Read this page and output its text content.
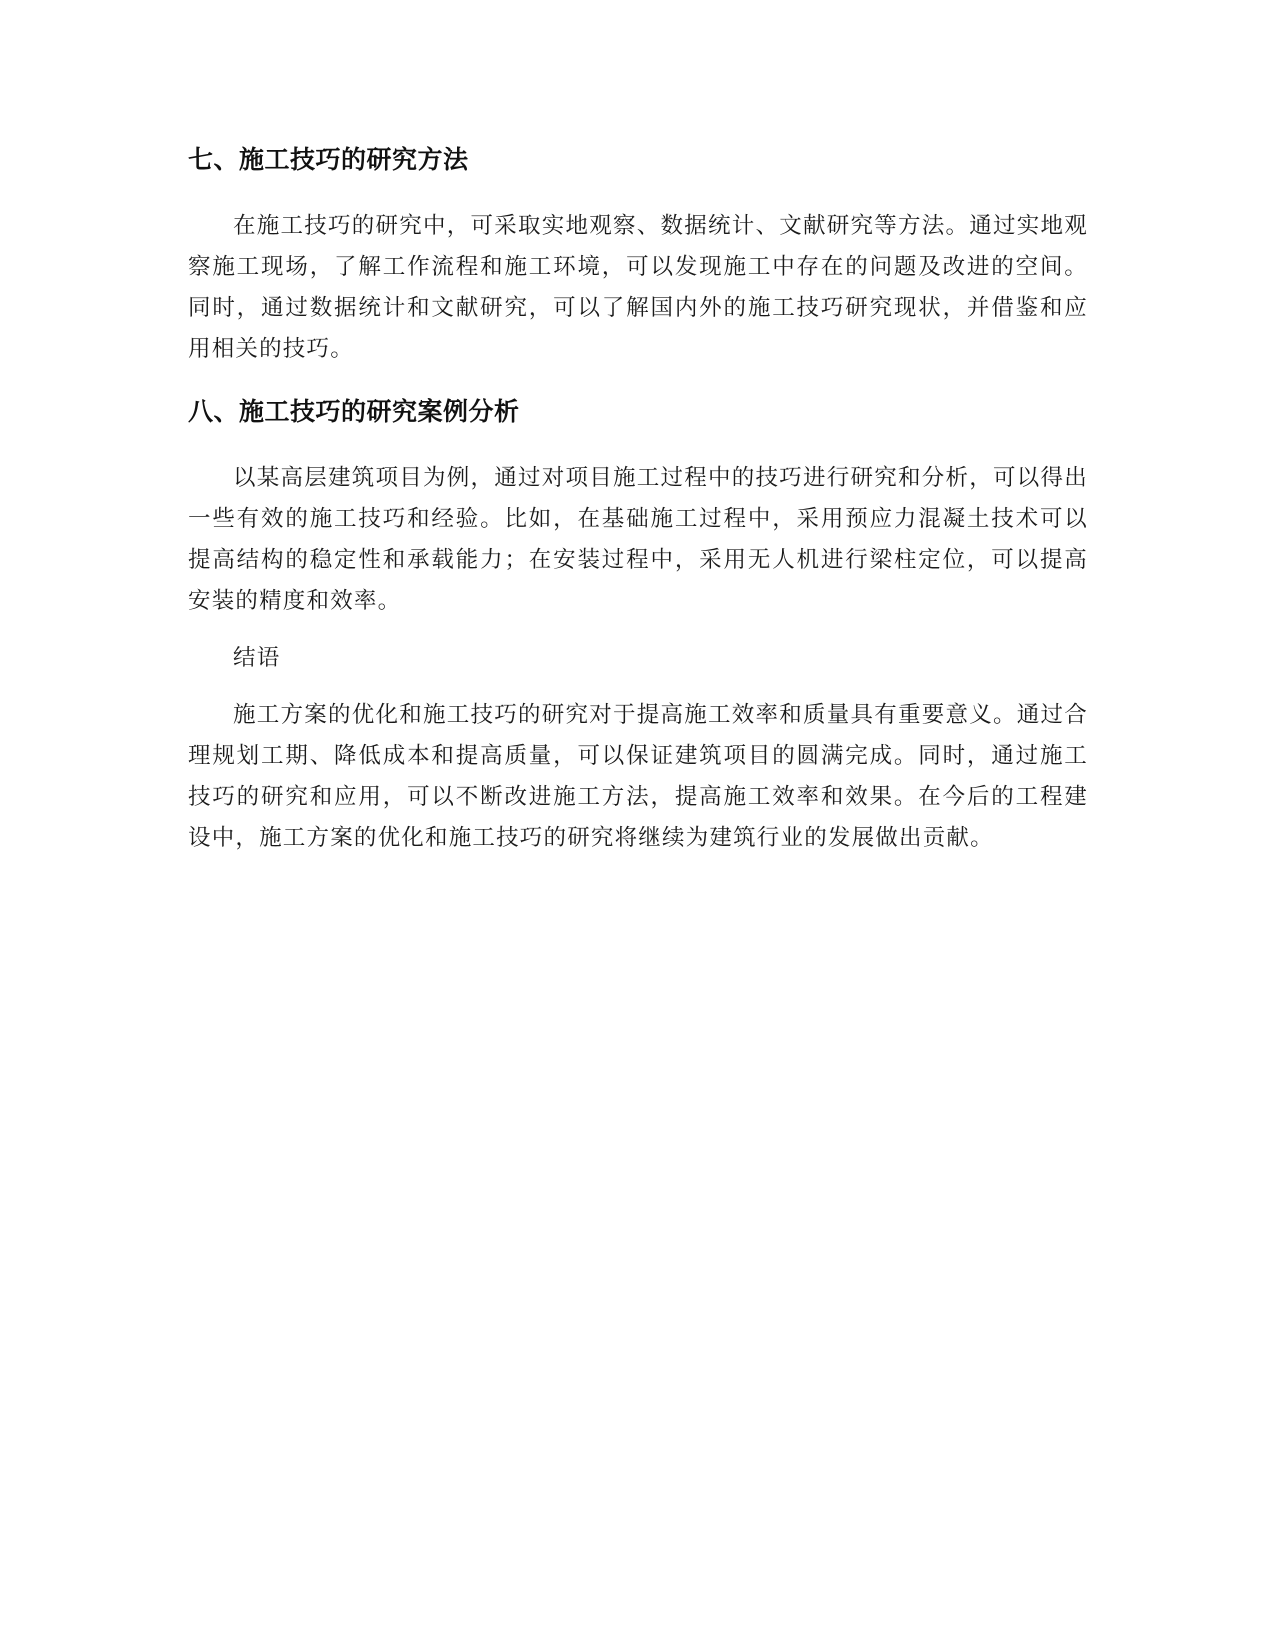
七、施工技巧的研究方法

在施工技巧的研究中，可采取实地观察、数据统计、文献研究等方法。通过实地观察施工现场，了解工作流程和施工环境，可以发现施工中存在的问题及改进的空间。同时，通过数据统计和文献研究，可以了解国内外的施工技巧研究现状，并借鉴和应用相关的技巧。

八、施工技巧的研究案例分析

以某高层建筑项目为例，通过对项目施工过程中的技巧进行研究和分析，可以得出一些有效的施工技巧和经验。比如，在基础施工过程中，采用预应力混凝土技术可以提高结构的稳定性和承载能力；在安装过程中，采用无人机进行梁柱定位，可以提高安装的精度和效率。

结语

施工方案的优化和施工技巧的研究对于提高施工效率和质量具有重要意义。通过合理规划工期、降低成本和提高质量，可以保证建筑项目的圆满完成。同时，通过施工技巧的研究和应用，可以不断改进施工方法，提高施工效率和效果。在今后的工程建设中，施工方案的优化和施工技巧的研究将继续为建筑行业的发展做出贡献。
